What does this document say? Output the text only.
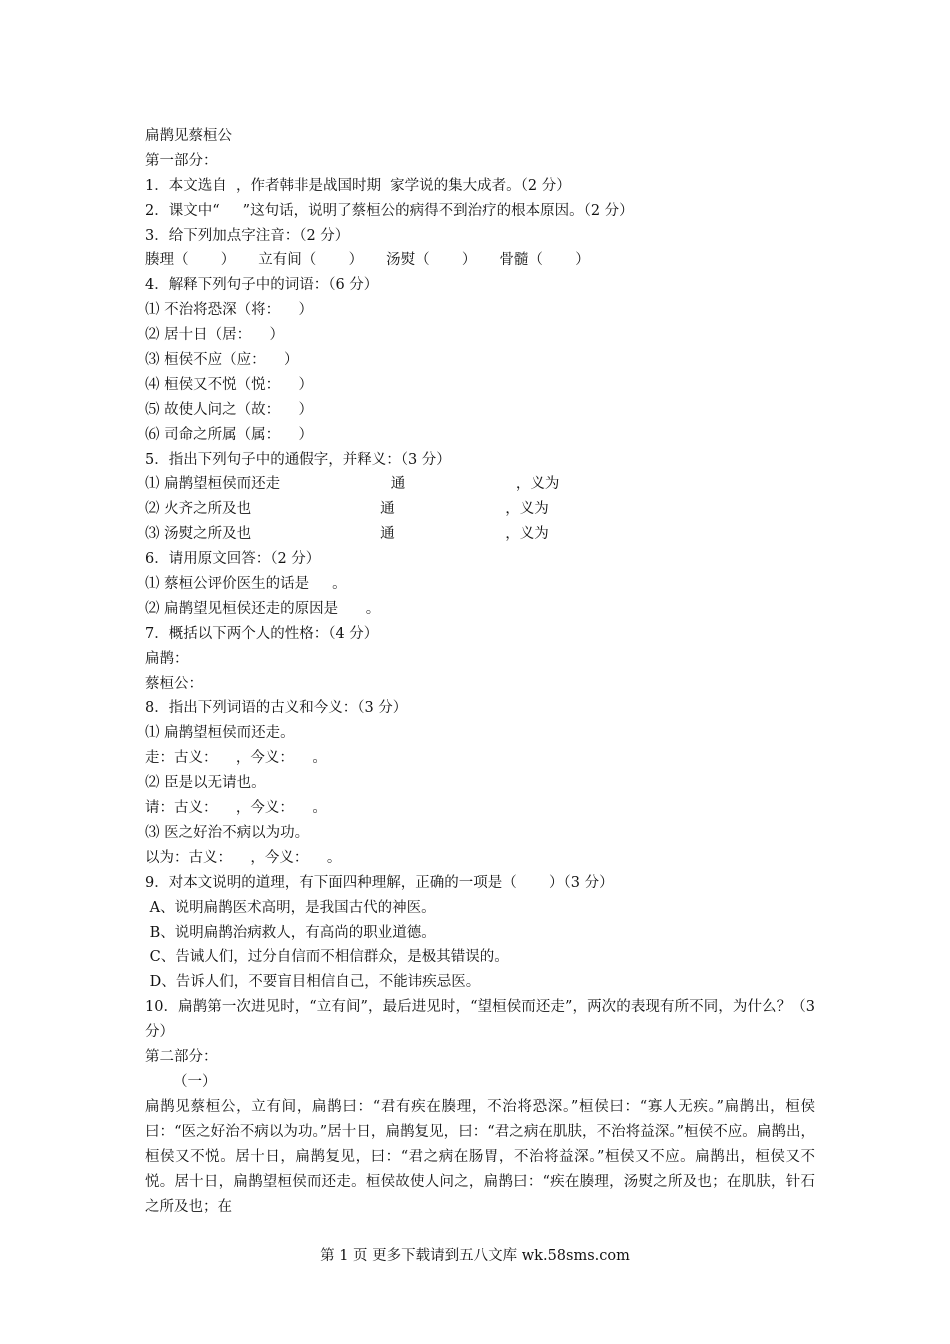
扁鹊见蔡桓公
第一部分：
1．本文选自  ，作者韩非是战国时期  家学说的集大成者。（2 分）
2．课文中“     ”这句话，说明了蔡桓公的病得不到治疗的根本原因。（2 分）
3．给下列加点字注音：（2 分）
腠理（       ）     立有间（       ）     汤熨（       ）     骨髓（       ）
4．解释下列句子中的词语：（6 分）
⑴ 不治将恐深（将：    ）
⑵ 居十日（居：    ）
⑶ 桓侯不应（应：    ）
⑷ 桓侯又不悦（悦：    ）
⑸ 故使人问之（故：    ）
⑹ 司命之所属（属：    ）
5．指出下列句子中的通假字，并释义：（3 分）
⑴ 扁鹊望桓侯而还走                        通                        ，义为
⑵ 火齐之所及也                            通                        ，义为
⑶ 汤熨之所及也                            通                        ，义为
6．请用原文回答：（2 分）
⑴ 蔡桓公评价医生的话是     。
⑵ 扁鹊望见桓侯还走的原因是      。
7．概括以下两个人的性格：（4 分）
扁鹊：
蔡桓公：
8．指出下列词语的古义和今义：（3 分）
⑴ 扁鹊望桓侯而还走。
走：古义：    ，今义：    。
⑵ 臣是以无请也。
请：古义：    ，今义：    。
⑶ 医之好治不病以为功。
以为：古义：    ，今义：    。
9．对本文说明的道理，有下面四种理解，正确的一项是（       ）（3 分）
A、说明扁鹊医术高明，是我国古代的神医。
B、说明扁鹊治病救人，有高尚的职业道德。
C、告诫人们，过分自信而不相信群众，是极其错误的。
D、告诉人们，不要盲目相信自己，不能讳疾忌医。
10．扁鹊第一次进见时，“立有间”，最后进见时，“望桓侯而还走”，两次的表现有所不同，为什么？（3 分）
第二部分：
（一）
扁鹊见蔡桓公，立有间，扁鹊曰：“君有疾在腠理，不治将恐深。”桓侯曰：“寡人无疾。”扁鹊出，桓侯曰：“医之好治不病以为功。”居十日，扁鹊复见，曰：“君之病在肌肤，不治将益深。”桓侯不应。扁鹊出，桓侯又不悦。居十日，扁鹊复见，曰：“君之病在肠胃，不治将益深。”桓侯又不应。扁鹊出，桓侯又不悦。居十日，扁鹊望桓侯而还走。桓侯故使人问之，扁鹊曰：“疾在腠理，汤熨之所及也；在肌肤，针石之所及也；在
第 1 页 更多下载请到五八文库 wk.58sms.com
